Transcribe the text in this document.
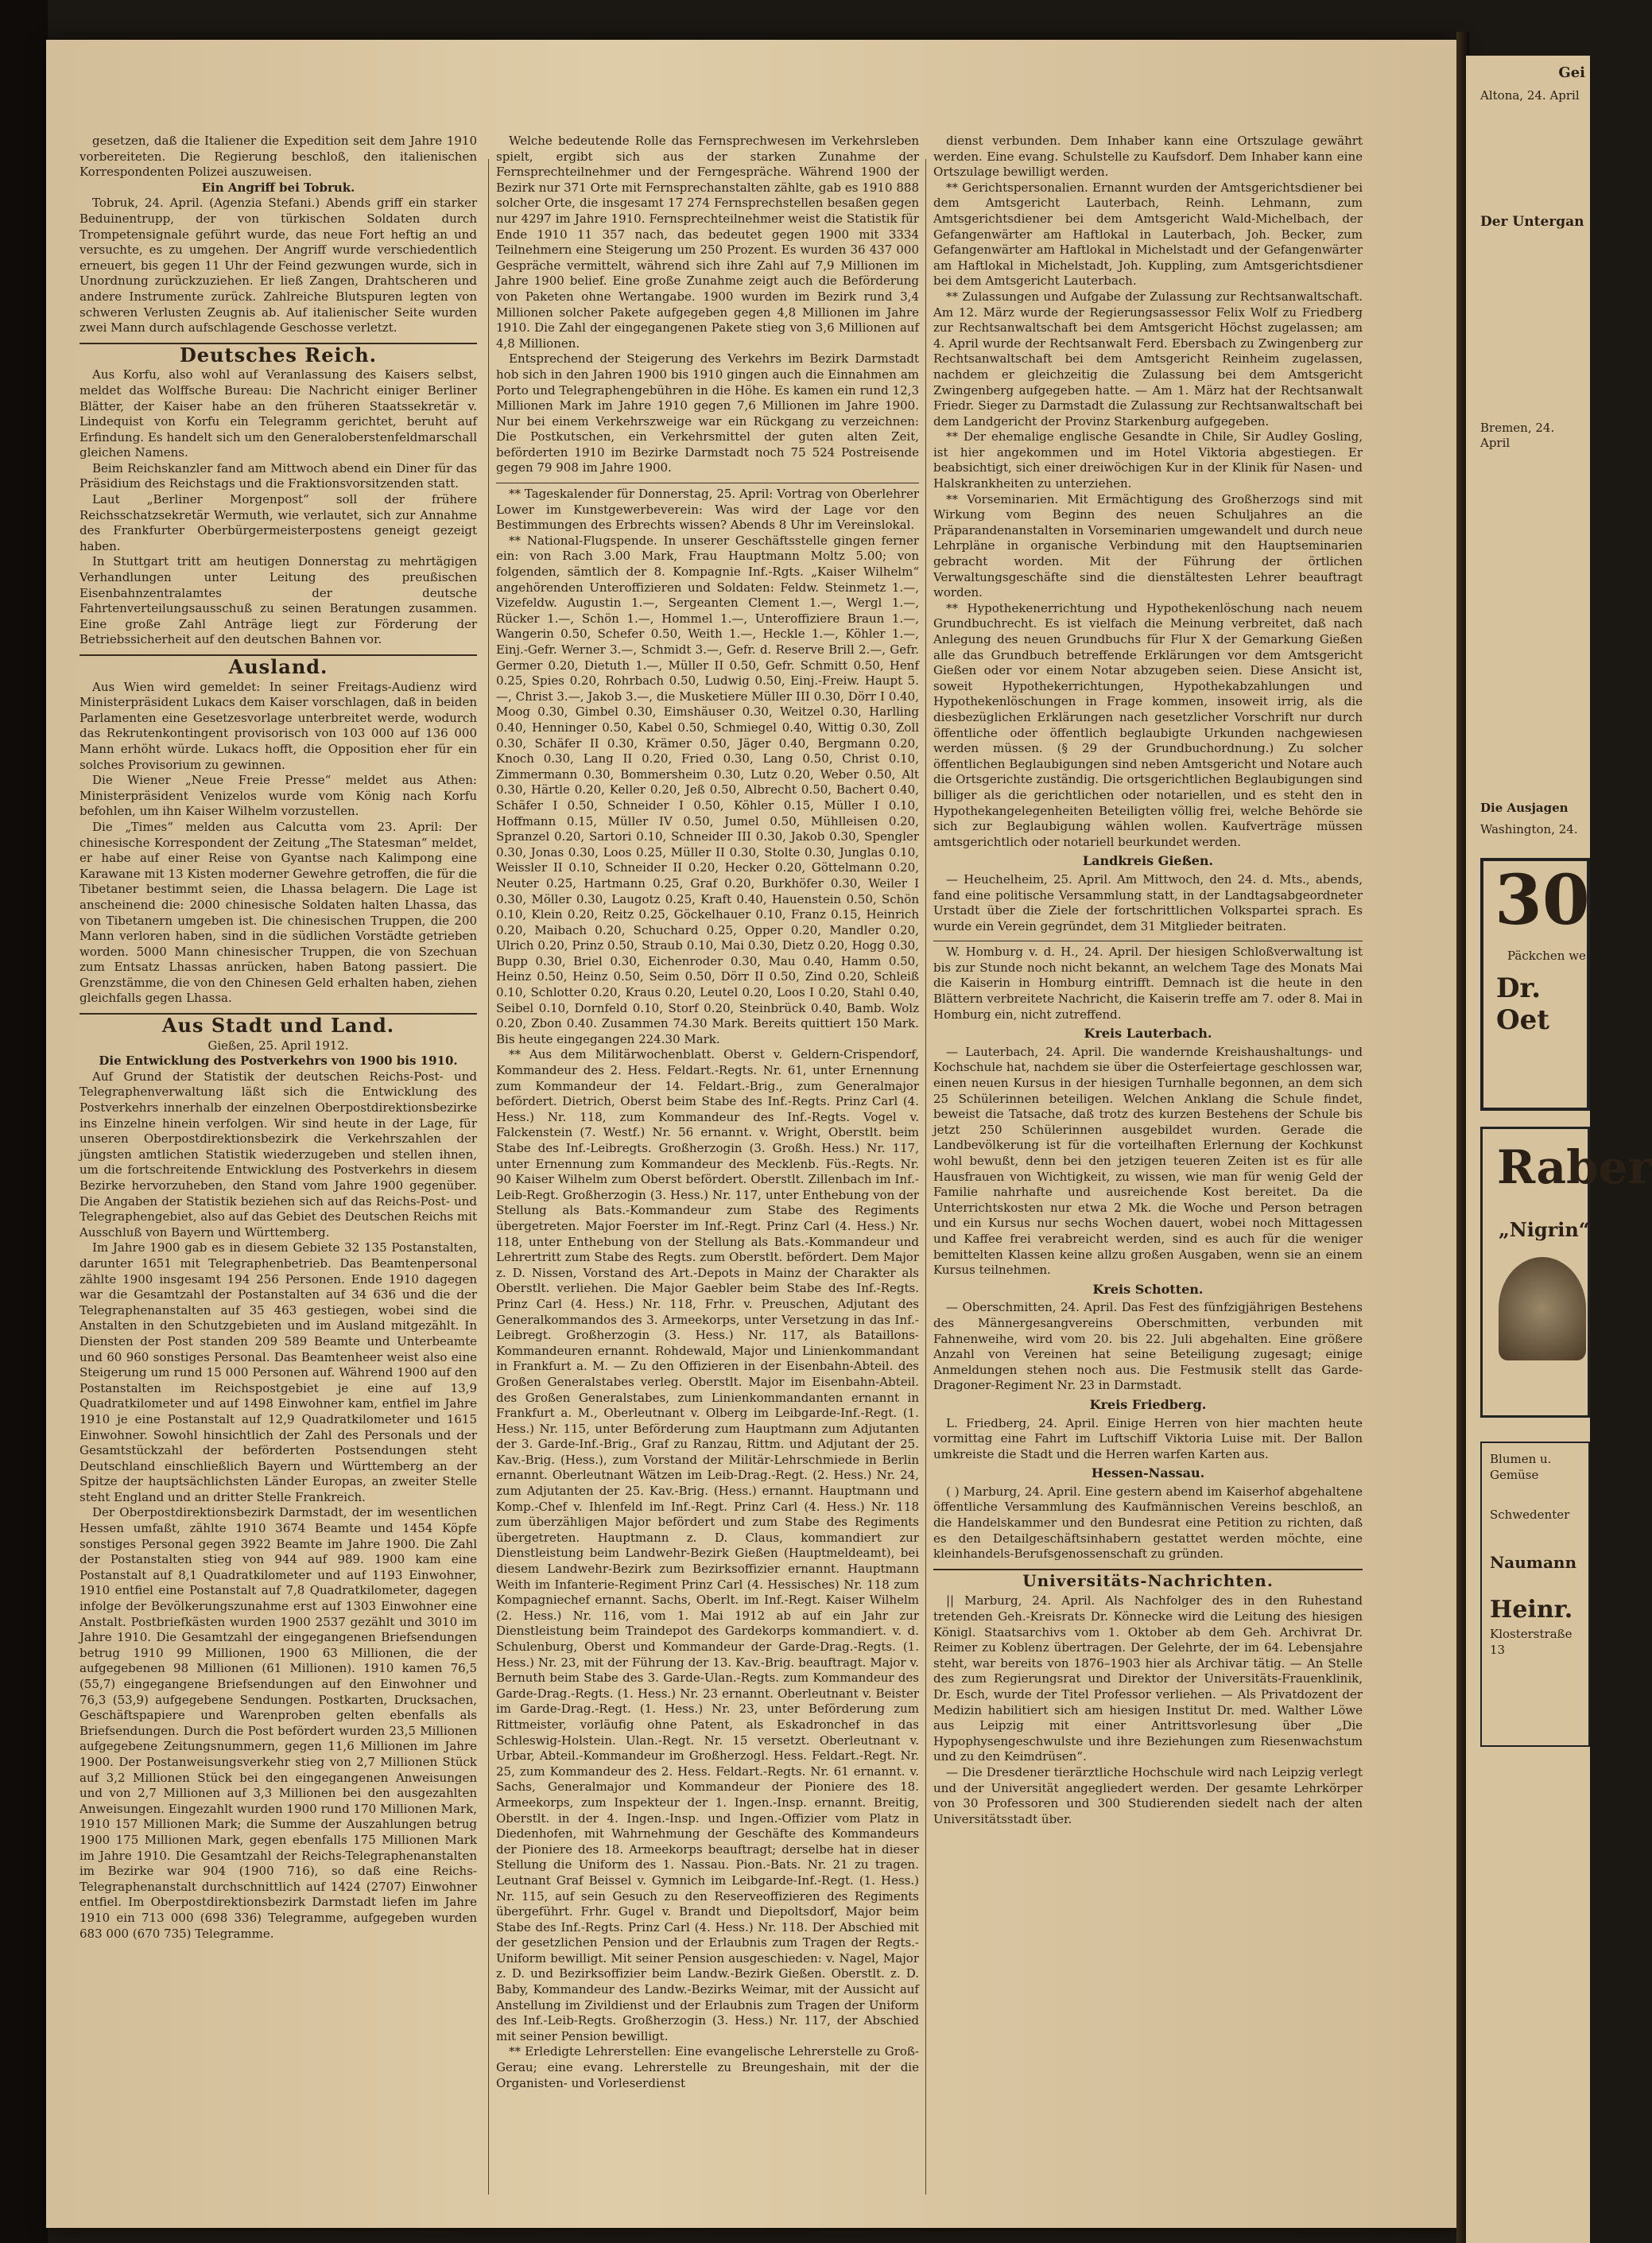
gesetzen, daß die Italiener die Expedition seit dem Jahre 1910 vorbereiteten. Die Regierung beschloß, den italienischen Korrespondenten Polizei auszuweisen.

Ein Angriff bei Tobruk.

Tobruk, 24. April. (Agenzia Stefani.) Abends griff ein starker Beduinentrupp, der von türkischen Soldaten durch Trompetensignale geführt wurde, das neue Fort heftig an und versuchte, es zu umgehen. Der Angriff wurde verschiedentlich erneuert, bis gegen 11 Uhr der Feind gezwungen wurde, sich in Unordnung zurückzuziehen. Er ließ Zangen, Drahtscheren und andere Instrumente zurück. Zahlreiche Blutspuren legten von schweren Verlusten Zeugnis ab. Auf italienischer Seite wurden zwei Mann durch aufschlagende Geschosse verletzt.

Deutsches Reich.

Aus Korfu, also wohl auf Veranlassung des Kaisers selbst, meldet das Wolffsche Bureau: Die Nachricht einiger Berliner Blätter, der Kaiser habe an den früheren Staatssekretär v. Lindequist von Korfu ein Telegramm gerichtet, beruht auf Erfindung. Es handelt sich um den Generaloberstenfeldmarschall gleichen Namens.

Beim Reichskanzler fand am Mittwoch abend ein Diner für das Präsidium des Reichstags und die Fraktionsvorsitzenden statt.

Laut „Berliner Morgenpost“ soll der frühere Reichsschatzsekretär Wermuth, wie verlautet, sich zur Annahme des Frankfurter Oberbürgermeisterpostens geneigt gezeigt haben.

In Stuttgart tritt am heutigen Donnerstag zu mehrtägigen Verhandlungen unter Leitung des preußischen Eisenbahnzentralamtes der deutsche Fahrtenverteilungsausschuß zu seinen Beratungen zusammen. Eine große Zahl Anträge liegt zur Förderung der Betriebssicherheit auf den deutschen Bahnen vor.

Ausland.

Aus Wien wird gemeldet: In seiner Freitags-Audienz wird Ministerpräsident Lukacs dem Kaiser vorschlagen, daß in beiden Parlamenten eine Gesetzesvorlage unterbreitet werde, wodurch das Rekrutenkontingent provisorisch von 103 000 auf 136 000 Mann erhöht würde. Lukacs hofft, die Opposition eher für ein solches Provisorium zu gewinnen.

Die Wiener „Neue Freie Presse“ meldet aus Athen: Ministerpräsident Venizelos wurde vom König nach Korfu befohlen, um ihn Kaiser Wilhelm vorzustellen.

Die „Times“ melden aus Calcutta vom 23. April: Der chinesische Korrespondent der Zeitung „The Statesman“ meldet, er habe auf einer Reise von Gyantse nach Kalimpong eine Karawane mit 13 Kisten moderner Gewehre getroffen, die für die Tibetaner bestimmt seien, die Lhassa belagern. Die Lage ist anscheinend die: 2000 chinesische Soldaten halten Lhassa, das von Tibetanern umgeben ist. Die chinesischen Truppen, die 200 Mann verloren haben, sind in die südlichen Vorstädte getrieben worden. 5000 Mann chinesischer Truppen, die von Szechuan zum Entsatz Lhassas anrücken, haben Batong passiert. Die Grenzstämme, die von den Chinesen Geld erhalten haben, ziehen gleichfalls gegen Lhassa.

Aus Stadt und Land.

Gießen, 25. April 1912.

Die Entwicklung des Postverkehrs von 1900 bis 1910.

Auf Grund der Statistik der deutschen Reichs-Post- und Telegraphenverwaltung läßt sich die Entwicklung des Postverkehrs innerhalb der einzelnen Oberpostdirektionsbezirke ins Einzelne hinein verfolgen. Wir sind heute in der Lage, für unseren Oberpostdirektionsbezirk die Verkehrszahlen der jüngsten amtlichen Statistik wiederzugeben und stellen ihnen, um die fortschreitende Entwicklung des Postverkehrs in diesem Bezirke hervorzuheben, den Stand vom Jahre 1900 gegenüber. Die Angaben der Statistik beziehen sich auf das Reichs-Post- und Telegraphengebiet, also auf das Gebiet des Deutschen Reichs mit Ausschluß von Bayern und Württemberg.

Im Jahre 1900 gab es in diesem Gebiete 32 135 Postanstalten, darunter 1651 mit Telegraphenbetrieb. Das Beamtenpersonal zählte 1900 insgesamt 194 256 Personen. Ende 1910 dagegen war die Gesamtzahl der Postanstalten auf 34 636 und die der Telegraphenanstalten auf 35 463 gestiegen, wobei sind die Anstalten in den Schutzgebieten und im Ausland mitgezählt. In Diensten der Post standen 209 589 Beamte und Unterbeamte und 60 960 sonstiges Personal. Das Beamtenheer weist also eine Steigerung um rund 15 000 Personen auf. Während 1900 auf den Postanstalten im Reichspostgebiet je eine auf 13,9 Quadratkilometer und auf 1498 Einwohner kam, entfiel im Jahre 1910 je eine Postanstalt auf 12,9 Quadratkilometer und 1615 Einwohner. Sowohl hinsichtlich der Zahl des Personals und der Gesamtstückzahl der beförderten Postsendungen steht Deutschland einschließlich Bayern und Württemberg an der Spitze der hauptsächlichsten Länder Europas, an zweiter Stelle steht England und an dritter Stelle Frankreich.

Der Oberpostdirektionsbezirk Darmstadt, der im wesentlichen Hessen umfaßt, zählte 1910 3674 Beamte und 1454 Köpfe sonstiges Personal gegen 3922 Beamte im Jahre 1900. Die Zahl der Postanstalten stieg von 944 auf 989. 1900 kam eine Postanstalt auf 8,1 Quadratkilometer und auf 1193 Einwohner, 1910 entfiel eine Postanstalt auf 7,8 Quadratkilometer, dagegen infolge der Bevölkerungszunahme erst auf 1303 Einwohner eine Anstalt. Postbriefkästen wurden 1900 2537 gezählt und 3010 im Jahre 1910. Die Gesamtzahl der eingegangenen Briefsendungen betrug 1910 99 Millionen, 1900 63 Millionen, die der aufgegebenen 98 Millionen (61 Millionen). 1910 kamen 76,5 (55,7) eingegangene Briefsendungen auf den Einwohner und 76,3 (53,9) aufgegebene Sendungen. Postkarten, Drucksachen, Geschäftspapiere und Warenproben gelten ebenfalls als Briefsendungen. Durch die Post befördert wurden 23,5 Millionen aufgegebene Zeitungsnummern, gegen 11,6 Millionen im Jahre 1900. Der Postanweisungsverkehr stieg von 2,7 Millionen Stück auf 3,2 Millionen Stück bei den eingegangenen Anweisungen und von 2,7 Millionen auf 3,3 Millionen bei den ausgezahlten Anweisungen. Eingezahlt wurden 1900 rund 170 Millionen Mark, 1910 157 Millionen Mark; die Summe der Auszahlungen betrug 1900 175 Millionen Mark, gegen ebenfalls 175 Millionen Mark im Jahre 1910. Die Gesamtzahl der Reichs-Telegraphenanstalten im Bezirke war 904 (1900 716), so daß eine Reichs-Telegraphenanstalt durchschnittlich auf 1424 (2707) Einwohner entfiel. Im Oberpostdirektionsbezirk Darmstadt liefen im Jahre 1910 ein 713 000 (698 336) Telegramme, aufgegeben wurden 683 000 (670 735) Telegramme.

Welche bedeutende Rolle das Fernsprechwesen im Verkehrsleben spielt, ergibt sich aus der starken Zunahme der Fernsprechteilnehmer und der Ferngespräche. Während 1900 der Bezirk nur 371 Orte mit Fernsprechanstalten zählte, gab es 1910 888 solcher Orte, die insgesamt 17 274 Fernsprechstellen besaßen gegen nur 4297 im Jahre 1910. Fernsprechteilnehmer weist die Statistik für Ende 1910 11 357 nach, das bedeutet gegen 1900 mit 3334 Teilnehmern eine Steigerung um 250 Prozent. Es wurden 36 437 000 Gespräche vermittelt, während sich ihre Zahl auf 7,9 Millionen im Jahre 1900 belief. Eine große Zunahme zeigt auch die Beförderung von Paketen ohne Wertangabe. 1900 wurden im Bezirk rund 3,4 Millionen solcher Pakete aufgegeben gegen 4,8 Millionen im Jahre 1910. Die Zahl der eingegangenen Pakete stieg von 3,6 Millionen auf 4,8 Millionen.

Entsprechend der Steigerung des Verkehrs im Bezirk Darmstadt hob sich in den Jahren 1900 bis 1910 gingen auch die Einnahmen am Porto und Telegraphengebühren in die Höhe. Es kamen ein rund 12,3 Millionen Mark im Jahre 1910 gegen 7,6 Millionen im Jahre 1900. Nur bei einem Verkehrszweige war ein Rückgang zu verzeichnen: Die Postkutschen, ein Verkehrsmittel der guten alten Zeit, beförderten 1910 im Bezirke Darmstadt noch 75 524 Postreisende gegen 79 908 im Jahre 1900.

** Tageskalender für Donnerstag, 25. April: Vortrag von Oberlehrer Lower im Kunstgewerbeverein: Was wird der Lage vor den Bestimmungen des Erbrechts wissen? Abends 8 Uhr im Vereinslokal.

** National-Flugspende. In unserer Geschäftsstelle gingen ferner ein: von Rach 3.00 Mark, Frau Hauptmann Moltz 5.00; von folgenden, sämtlich der 8. Kompagnie Inf.-Rgts. „Kaiser Wilhelm“ angehörenden Unteroffizieren und Soldaten: Feldw. Steinmetz 1.—, Vizefeldw. Augustin 1.—, Sergeanten Clement 1.—, Wergl 1.—, Rücker 1.—, Schön 1.—, Hommel 1.—, Unteroffiziere Braun 1.—, Wangerin 0.50, Schefer 0.50, Weith 1.—, Heckle 1.—, Köhler 1.—, Einj.-Gefr. Werner 3.—, Schmidt 3.—, Gefr. d. Reserve Brill 2.—, Gefr. Germer 0.20, Dietuth 1.—, Müller II 0.50, Gefr. Schmitt 0.50, Henf 0.25, Spies 0.20, Rohrbach 0.50, Ludwig 0.50, Einj.-Freiw. Haupt 5.—, Christ 3.—, Jakob 3.—, die Musketiere Müller III 0.30, Dörr I 0.40, Moog 0.30, Gimbel 0.30, Eimshäuser 0.30, Weitzel 0.30, Harlling 0.40, Henninger 0.50, Kabel 0.50, Schmiegel 0.40, Wittig 0.30, Zoll 0.30, Schäfer II 0.30, Krämer 0.50, Jäger 0.40, Bergmann 0.20, Knoch 0.30, Lang II 0.20, Fried 0.30, Lang 0.50, Christ 0.10, Zimmermann 0.30, Bommersheim 0.30, Lutz 0.20, Weber 0.50, Alt 0.30, Härtle 0.20, Keller 0.20, Jeß 0.50, Albrecht 0.50, Bachert 0.40, Schäfer I 0.50, Schneider I 0.50, Köhler 0.15, Müller I 0.10, Hoffmann 0.15, Müller IV 0.50, Jumel 0.50, Mühlleisen 0.20, Spranzel 0.20, Sartori 0.10, Schneider III 0.30, Jakob 0.30, Spengler 0.30, Jonas 0.30, Loos 0.25, Müller II 0.30, Stolte 0.30, Junglas 0.10, Weissler II 0.10, Schneider II 0.20, Hecker 0.20, Göttelmann 0.20, Neuter 0.25, Hartmann 0.25, Graf 0.20, Burkhöfer 0.30, Weiler I 0.30, Möller 0.30, Laugotz 0.25, Kraft 0.40, Hauenstein 0.50, Schön 0.10, Klein 0.20, Reitz 0.25, Göckelhauer 0.10, Franz 0.15, Heinrich 0.20, Maibach 0.20, Schuchard 0.25, Opper 0.20, Mandler 0.20, Ulrich 0.20, Prinz 0.50, Straub 0.10, Mai 0.30, Dietz 0.20, Hogg 0.30, Bupp 0.30, Briel 0.30, Eichenroder 0.30, Mau 0.40, Hamm 0.50, Heinz 0.50, Heinz 0.50, Seim 0.50, Dörr II 0.50, Zind 0.20, Schleiß 0.10, Schlotter 0.20, Kraus 0.20, Leutel 0.20, Loos I 0.20, Stahl 0.40, Seibel 0.10, Dornfeld 0.10, Storf 0.20, Steinbrück 0.40, Bamb. Wolz 0.20, Zbon 0.40. Zusammen 74.30 Mark. Bereits quittiert 150 Mark. Bis heute eingegangen 224.30 Mark.

** Aus dem Militärwochenblatt. Oberst v. Geldern-Crispendorf, Kommandeur des 2. Hess. Feldart.-Regts. Nr. 61, unter Ernennung zum Kommandeur der 14. Feldart.-Brig., zum Generalmajor befördert. Dietrich, Oberst beim Stabe des Inf.-Regts. Prinz Carl (4. Hess.) Nr. 118, zum Kommandeur des Inf.-Regts. Vogel v. Falckenstein (7. Westf.) Nr. 56 ernannt. v. Wright, Oberstlt. beim Stabe des Inf.-Leibregts. Großherzogin (3. Großh. Hess.) Nr. 117, unter Ernennung zum Kommandeur des Mecklenb. Füs.-Regts. Nr. 90 Kaiser Wilhelm zum Oberst befördert. Oberstlt. Zillenbach im Inf.-Leib-Regt. Großherzogin (3. Hess.) Nr. 117, unter Enthebung von der Stellung als Bats.-Kommandeur zum Stabe des Regiments übergetreten. Major Foerster im Inf.-Regt. Prinz Carl (4. Hess.) Nr. 118, unter Enthebung von der Stellung als Bats.-Kommandeur und Lehrertritt zum Stabe des Regts. zum Oberstlt. befördert. Dem Major z. D. Nissen, Vorstand des Art.-Depots in Mainz der Charakter als Oberstlt. verliehen. Die Major Gaebler beim Stabe des Inf.-Regts. Prinz Carl (4. Hess.) Nr. 118, Frhr. v. Preuschen, Adjutant des Generalkommandos des 3. Armeekorps, unter Versetzung in das Inf.-Leibregt. Großherzogin (3. Hess.) Nr. 117, als Bataillons-Kommandeuren ernannt. Rohdewald, Major und Linienkommandant in Frankfurt a. M. — Zu den Offizieren in der Eisenbahn-Abteil. des Großen Generalstabes verleg. Oberstlt. Major im Eisenbahn-Abteil. des Großen Generalstabes, zum Linienkommandanten ernannt in Frankfurt a. M., Oberleutnant v. Olberg im Leibgarde-Inf.-Regt. (1. Hess.) Nr. 115, unter Beförderung zum Hauptmann zum Adjutanten der 3. Garde-Inf.-Brig., Graf zu Ranzau, Rittm. und Adjutant der 25. Kav.-Brig. (Hess.), zum Vorstand der Militär-Lehrschmiede in Berlin ernannt. Oberleutnant Wätzen im Leib-Drag.-Regt. (2. Hess.) Nr. 24, zum Adjutanten der 25. Kav.-Brig. (Hess.) ernannt. Hauptmann und Komp.-Chef v. Ihlenfeld im Inf.-Regt. Prinz Carl (4. Hess.) Nr. 118 zum überzähligen Major befördert und zum Stabe des Regiments übergetreten. Hauptmann z. D. Claus, kommandiert zur Dienstleistung beim Landwehr-Bezirk Gießen (Hauptmeldeamt), bei diesem Landwehr-Bezirk zum Bezirksoffizier ernannt. Hauptmann Weith im Infanterie-Regiment Prinz Carl (4. Hessisches) Nr. 118 zum Kompagniechef ernannt. Sachs, Oberlt. im Inf.-Regt. Kaiser Wilhelm (2. Hess.) Nr. 116, vom 1. Mai 1912 ab auf ein Jahr zur Dienstleistung beim Traindepot des Gardekorps kommandiert. v. d. Schulenburg, Oberst und Kommandeur der Garde-Drag.-Regts. (1. Hess.) Nr. 23, mit der Führung der 13. Kav.-Brig. beauftragt. Major v. Bernuth beim Stabe des 3. Garde-Ulan.-Regts. zum Kommandeur des Garde-Drag.-Regts. (1. Hess.) Nr. 23 ernannt. Oberleutnant v. Beister im Garde-Drag.-Regt. (1. Hess.) Nr. 23, unter Beförderung zum Rittmeister, vorläufig ohne Patent, als Eskadronchef in das Schleswig-Holstein. Ulan.-Regt. Nr. 15 versetzt. Oberleutnant v. Urbar, Abteil.-Kommandeur im Großherzogl. Hess. Feldart.-Regt. Nr. 25, zum Kommandeur des 2. Hess. Feldart.-Regts. Nr. 61 ernannt. v. Sachs, Generalmajor und Kommandeur der Pioniere des 18. Armeekorps, zum Inspekteur der 1. Ingen.-Insp. ernannt. Breitig, Oberstlt. in der 4. Ingen.-Insp. und Ingen.-Offizier vom Platz in Diedenhofen, mit Wahrnehmung der Geschäfte des Kommandeurs der Pioniere des 18. Armeekorps beauftragt; derselbe hat in dieser Stellung die Uniform des 1. Nassau. Pion.-Bats. Nr. 21 zu tragen. Leutnant Graf Beissel v. Gymnich im Leibgarde-Inf.-Regt. (1. Hess.) Nr. 115, auf sein Gesuch zu den Reserveoffizieren des Regiments übergeführt. Frhr. Gugel v. Brandt und Diepoltsdorf, Major beim Stabe des Inf.-Regts. Prinz Carl (4. Hess.) Nr. 118. Der Abschied mit der gesetzlichen Pension und der Erlaubnis zum Tragen der Regts.-Uniform bewilligt. Mit seiner Pension ausgeschieden: v. Nagel, Major z. D. und Bezirksoffizier beim Landw.-Bezirk Gießen. Oberstlt. z. D. Baby, Kommandeur des Landw.-Bezirks Weimar, mit der Aussicht auf Anstellung im Zivildienst und der Erlaubnis zum Tragen der Uniform des Inf.-Leib-Regts. Großherzogin (3. Hess.) Nr. 117, der Abschied mit seiner Pension bewilligt.

** Erledigte Lehrerstellen: Eine evangelische Lehrerstelle zu Groß-Gerau; eine evang. Lehrerstelle zu Breungeshain, mit der die Organisten- und Vorleserdienst

dienst verbunden. Dem Inhaber kann eine Ortszulage gewährt werden. Eine evang. Schulstelle zu Kaufsdorf. Dem Inhaber kann eine Ortszulage bewilligt werden.

** Gerichtspersonalien. Ernannt wurden der Amtsgerichtsdiener bei dem Amtsgericht Lauterbach, Reinh. Lehmann, zum Amtsgerichtsdiener bei dem Amtsgericht Wald-Michelbach, der Gefangenwärter am Haftlokal in Lauterbach, Joh. Becker, zum Gefangenwärter am Haftlokal in Michelstadt und der Gefangenwärter am Haftlokal in Michelstadt, Joh. Kuppling, zum Amtsgerichtsdiener bei dem Amtsgericht Lauterbach.

** Zulassungen und Aufgabe der Zulassung zur Rechtsanwaltschaft. Am 12. März wurde der Regierungsassessor Felix Wolf zu Friedberg zur Rechtsanwaltschaft bei dem Amtsgericht Höchst zugelassen; am 4. April wurde der Rechtsanwalt Ferd. Ebersbach zu Zwingenberg zur Rechtsanwaltschaft bei dem Amtsgericht Reinheim zugelassen, nachdem er gleichzeitig die Zulassung bei dem Amtsgericht Zwingenberg aufgegeben hatte. — Am 1. März hat der Rechtsanwalt Friedr. Sieger zu Darmstadt die Zulassung zur Rechtsanwaltschaft bei dem Landgericht der Provinz Starkenburg aufgegeben.

** Der ehemalige englische Gesandte in Chile, Sir Audley Gosling, ist hier angekommen und im Hotel Viktoria abgestiegen. Er beabsichtigt, sich einer dreiwöchigen Kur in der Klinik für Nasen- und Halskrankheiten zu unterziehen.

** Vorseminarien. Mit Ermächtigung des Großherzogs sind mit Wirkung vom Beginn des neuen Schuljahres an die Präparandenanstalten in Vorseminarien umgewandelt und durch neue Lehrpläne in organische Verbindung mit den Hauptseminarien gebracht worden. Mit der Führung der örtlichen Verwaltungsgeschäfte sind die dienstältesten Lehrer beauftragt worden.

** Hypothekenerrichtung und Hypothekenlöschung nach neuem Grundbuchrecht. Es ist vielfach die Meinung verbreitet, daß nach Anlegung des neuen Grundbuchs für Flur X der Gemarkung Gießen alle das Grundbuch betreffende Erklärungen vor dem Amtsgericht Gießen oder vor einem Notar abzugeben seien. Diese Ansicht ist, soweit Hypothekerrichtungen, Hypothekabzahlungen und Hypothekenlöschungen in Frage kommen, insoweit irrig, als die diesbezüglichen Erklärungen nach gesetzlicher Vorschrift nur durch öffentliche oder öffentlich beglaubigte Urkunden nachgewiesen werden müssen. (§ 29 der Grundbuchordnung.) Zu solcher öffentlichen Beglaubigungen sind neben Amtsgericht und Notare auch die Ortsgerichte zuständig. Die ortsgerichtlichen Beglaubigungen sind billiger als die gerichtlichen oder notariellen, und es steht den in Hypothekangelegenheiten Beteiligten völlig frei, welche Behörde sie sich zur Beglaubigung wählen wollen. Kaufverträge müssen amtsgerichtlich oder notariell beurkundet werden.

Landkreis Gießen.

— Heuchelheim, 25. April. Am Mittwoch, den 24. d. Mts., abends, fand eine politische Versammlung statt, in der Landtagsabgeordneter Urstadt über die Ziele der fortschrittlichen Volkspartei sprach. Es wurde ein Verein gegründet, dem 31 Mitglieder beitraten.

W. Homburg v. d. H., 24. April. Der hiesigen Schloßverwaltung ist bis zur Stunde noch nicht bekannt, an welchem Tage des Monats Mai die Kaiserin in Homburg eintrifft. Demnach ist die heute in den Blättern verbreitete Nachricht, die Kaiserin treffe am 7. oder 8. Mai in Homburg ein, nicht zutreffend.

Kreis Lauterbach.

— Lauterbach, 24. April. Die wandernde Kreishaushaltungs- und Kochschule hat, nachdem sie über die Osterfeiertage geschlossen war, einen neuen Kursus in der hiesigen Turnhalle begonnen, an dem sich 25 Schülerinnen beteiligen. Welchen Anklang die Schule findet, beweist die Tatsache, daß trotz des kurzen Bestehens der Schule bis jetzt 250 Schülerinnen ausgebildet wurden. Gerade die Landbevölkerung ist für die vorteilhaften Erlernung der Kochkunst wohl bewußt, denn bei den jetzigen teueren Zeiten ist es für alle Hausfrauen von Wichtigkeit, zu wissen, wie man für wenig Geld der Familie nahrhafte und ausreichende Kost bereitet. Da die Unterrichtskosten nur etwa 2 Mk. die Woche und Person betragen und ein Kursus nur sechs Wochen dauert, wobei noch Mittagessen und Kaffee frei verabreicht werden, sind es auch für die weniger bemittelten Klassen keine allzu großen Ausgaben, wenn sie an einem Kursus teilnehmen.

Kreis Schotten.

— Oberschmitten, 24. April. Das Fest des fünfzigjährigen Bestehens des Männergesangvereins Oberschmitten, verbunden mit Fahnenweihe, wird vom 20. bis 22. Juli abgehalten. Eine größere Anzahl von Vereinen hat seine Beteiligung zugesagt; einige Anmeldungen stehen noch aus. Die Festmusik stellt das Garde-Dragoner-Regiment Nr. 23 in Darmstadt.

Kreis Friedberg.

L. Friedberg, 24. April. Einige Herren von hier machten heute vormittag eine Fahrt im Luftschiff Viktoria Luise mit. Der Ballon umkreiste die Stadt und die Herren warfen Karten aus.

Hessen-Nassau.

( ) Marburg, 24. April. Eine gestern abend im Kaiserhof abgehaltene öffentliche Versammlung des Kaufmännischen Vereins beschloß, an die Handelskammer und den Bundesrat eine Petition zu richten, daß es den Detailgeschäftsinhabern gestattet werden möchte, eine kleinhandels-Berufsgenossenschaft zu gründen.

Universitäts-Nachrichten.

|| Marburg, 24. April. Als Nachfolger des in den Ruhestand tretenden Geh.-Kreisrats Dr. Könnecke wird die Leitung des hiesigen Königl. Staatsarchivs vom 1. Oktober ab dem Geh. Archivrat Dr. Reimer zu Koblenz übertragen. Der Gelehrte, der im 64. Lebensjahre steht, war bereits von 1876–1903 hier als Archivar tätig. — An Stelle des zum Regierungsrat und Direktor der Universitäts-Frauenklinik, Dr. Esch, wurde der Titel Professor verliehen. — Als Privatdozent der Medizin habilitiert sich am hiesigen Institut Dr. med. Walther Löwe aus Leipzig mit einer Antrittsvorlesung über „Die Hypophysengeschwulste und ihre Beziehungen zum Riesenwachstum und zu den Keimdrüsen“.

— Die Dresdener tierärztliche Hochschule wird nach Leipzig verlegt und der Universität angegliedert werden. Der gesamte Lehrkörper von 30 Professoren und 300 Studierenden siedelt nach der alten Universitätsstadt über.

Gei
Altona, 24. April
Der Untergan
Bremen, 24. April
Die Ausjagen
Washington, 24.
30
Päckchen we
Dr. Oet
Raber
„Nigrin“
Blumen u. Gemüse
Schwedenter
Naumann
Heinr.
Klosterstraße 13
